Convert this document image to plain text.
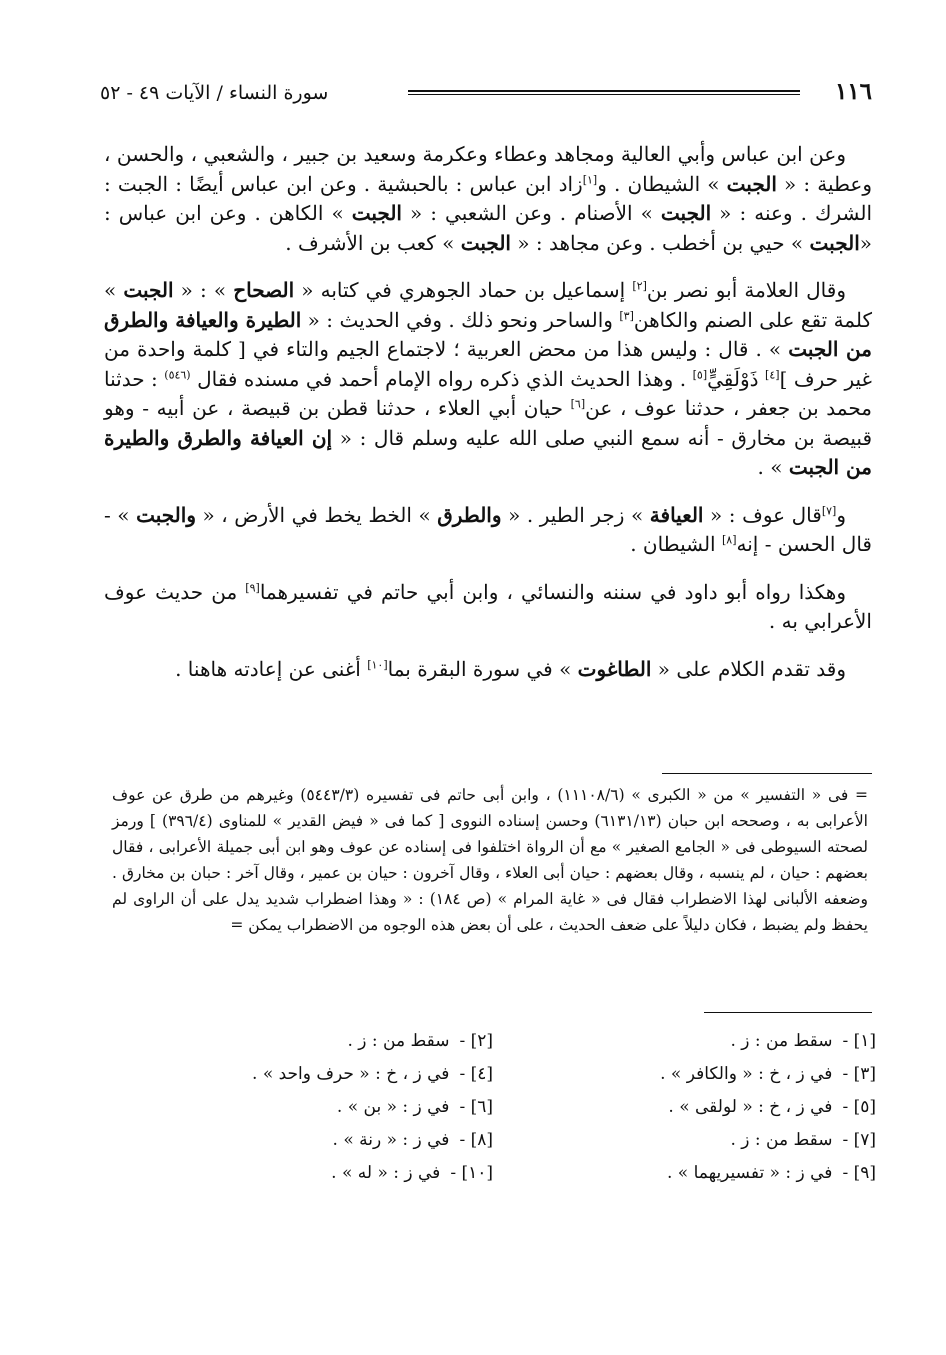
١١٦
سورة النساء / الآيات ٤٩ - ٥٢

وعن ابن عباس وأبي العالية ومجاهد وعطاء وعكرمة وسعيد بن جبير ، والشعبي ، والحسن ، وعطية : « الجبت » الشيطان . و[١]زاد ابن عباس : بالحبشية . وعن ابن عباس أيضًا : الجبت : الشرك . وعنه : « الجبت » الأصنام . وعن الشعبي : « الجبت » الكاهن . وعن ابن عباس : «الجبت » حيي بن أخطب . وعن مجاهد : « الجبت » كعب بن الأشرف .

وقال العلامة أبو نصر بن[٢] إسماعيل بن حماد الجوهري في كتابه « الصحاح » : « الجبت » كلمة تقع على الصنم والكاهن[٣] والساحر ونحو ذلك . وفي الحديث : « الطيرة والعيافة والطرق من الجبت » . قال : وليس هذا من محض العربية ؛ لاجتماع الجيم والتاء في [ كلمة واحدة من غير حرف ][٤] ذَوْلَقِيٍّ[٥] . وهذا الحديث الذي ذكره رواه الإمام أحمد في مسنده فقال $^{(٥٤٦)}$ : حدثنا محمد بن جعفر ، حدثنا عوف ، عن[٦] حيان أبي العلاء ، حدثنا قطن بن قبيصة ، عن أبيه - وهو قبيصة بن مخارق - أنه سمع النبي صلى الله عليه وسلم قال : « إن العيافة والطرق والطيرة من الجبت » .

و[٧]قال عوف : « العيافة » زجر الطير . « والطرق » الخط يخط في الأرض ، « والجبت » - قال الحسن - إنه[٨] الشيطان .

وهكذا رواه أبو داود في سننه والنسائي ، وابن أبي حاتم في تفسيرهما[٩] من حديث عوف الأعرابي به .

وقد تقدم الكلام على « الطاغوت » في سورة البقرة بما[١٠] أغنى عن إعادته هاهنا .

= فى « التفسير » من « الكبرى » (١١١٠٨/٦) ، وابن أبى حاتم فى تفسيره (٥٤٤٣/٣) وغيرهم من طرق عن عوف الأعرابى به ، وصححه ابن حبان (٦١٣١/١٣) وحسن إسناده النووى [ كما فى « فيض القدير » للمناوى (٣٩٦/٤) ] ورمز لصحته السيوطى فى « الجامع الصغير » مع أن الرواة اختلفوا فى إسناده عن عوف وهو ابن أبى جميلة الأعرابى ، فقال بعضهم : حيان ، لم ينسبه ، وقال بعضهم : حيان أبى العلاء ، وقال آخرون : حيان بن عمير ، وقال آخر : حبان بن مخارق . وضعفه الألبانى لهذا الاضطراب فقال فى « غاية المرام » (ص ١٨٤) : « وهذا اضطراب شديد يدل على أن الراوى لم يحفظ ولم يضبط ، فكان دليلاً على ضعف الحديث ، على أن بعض هذه الوجوه من الاضطراب يمكن =
[١] -سقط من : ز .
[٢] -سقط من : ز .
[٣] -في ز ، خ : « والكافر » .
[٤] -في ز ، خ : « حرف واحد » .
[٥] -في ز ، خ : « لولقى » .
[٦] -في ز : « بن » .
[٧] -سقط من : ز .
[٨] -في ز : « رنة » .
[٩] -في ز : « تفسيريهما » .
[١٠] -في ز : « له » .
